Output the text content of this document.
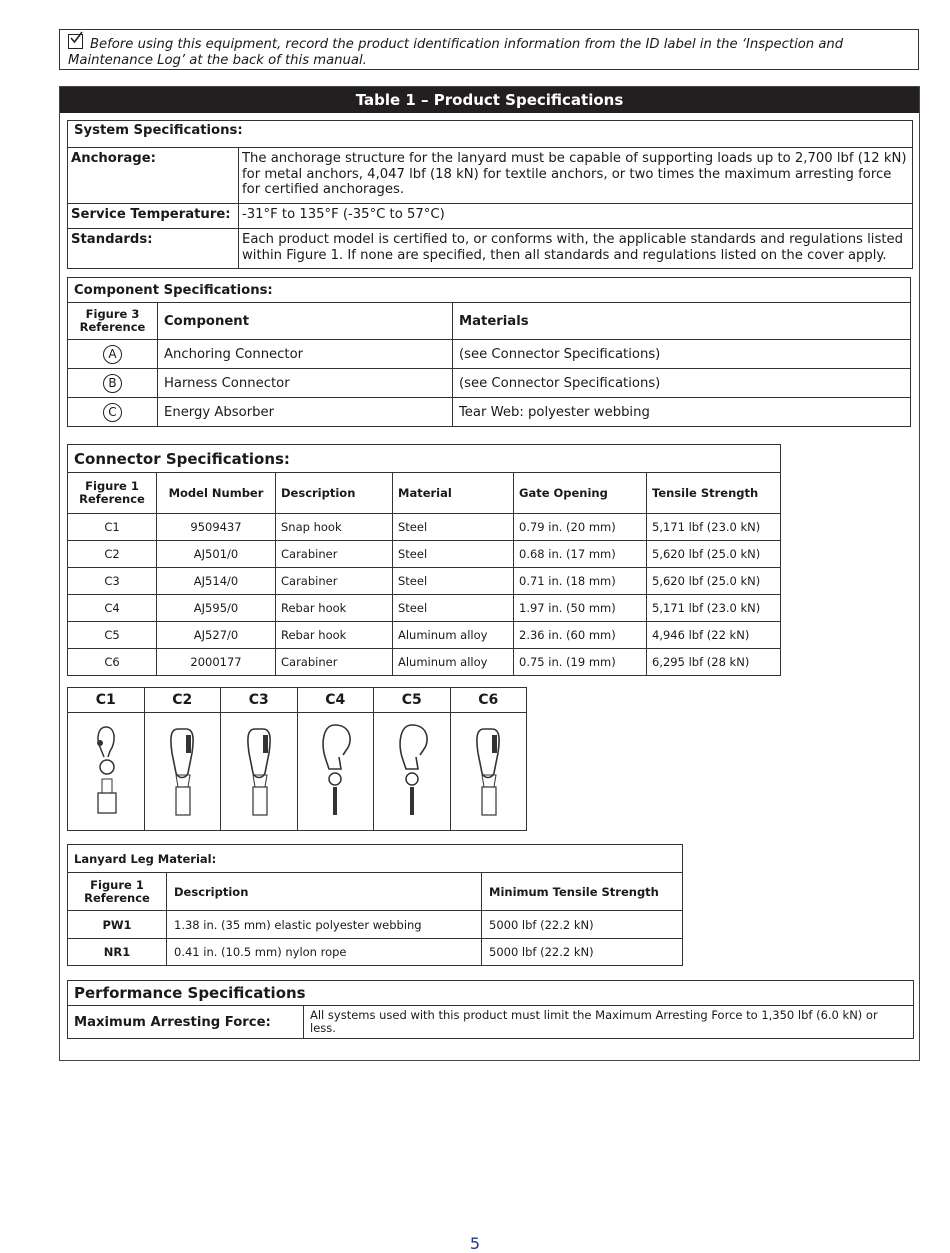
Before using this equipment, record the product identification information from the ID label in the ‘Inspection and Maintenance Log’ at the back of this manual.
Table 1 – Product Specifications
System Specifications:	
Anchorage:	The anchorage structure for the lanyard must be capable of supporting loads up to 2,700 lbf (12 kN) for metal anchors, 4,047 lbf (18 kN) for textile anchors, or two times the maximum arresting force for certified anchorages.
Service Temperature:	-31°F to 135°F (-35°C to 57°C)
Standards:	Each product model is certified to, or conforms with, the applicable standards and regulations listed within Figure 1. If none are specified, then all standards and regulations listed on the cover apply.
Component Specifications:		
Figure 3 Reference	Component	Materials
A	Anchoring Connector	(see Connector Specifications)
B	Harness Connector	(see Connector Specifications)
C	Energy Absorber	Tear Web: polyester webbing
Connector Specifications:					
Figure 1 Reference	Model Number	Description	Material	Gate Opening	Tensile Strength
C1	9509437	Snap hook	Steel	0.79 in. (20 mm)	5,171 lbf (23.0 kN)
C2	AJ501/0	Carabiner	Steel	0.68 in. (17 mm)	5,620 lbf (25.0 kN)
C3	AJ514/0	Carabiner	Steel	0.71 in. (18 mm)	5,620 lbf (25.0 kN)
C4	AJ595/0	Rebar hook	Steel	1.97 in. (50 mm)	5,171 lbf (23.0 kN)
C5	AJ527/0	Rebar hook	Aluminum alloy	2.36 in. (60 mm)	4,946 lbf (22 kN)
C6	2000177	Carabiner	Aluminum alloy	0.75 in. (19 mm)	6,295 lbf (28 kN)
C1	C2	C3	C4	C5	C6

Lanyard Leg Material:		
Figure 1 Reference	Description	Minimum Tensile Strength
PW1	1.38 in. (35 mm) elastic polyester webbing	5000 lbf (22.2 kN)
NR1	0.41 in. (10.5 mm) nylon rope	5000 lbf (22.2 kN)
Performance Specifications
Maximum Arresting Force:	All systems used with this product must limit the Maximum Arresting Force to 1,350 lbf (6.0 kN) or less.
5
